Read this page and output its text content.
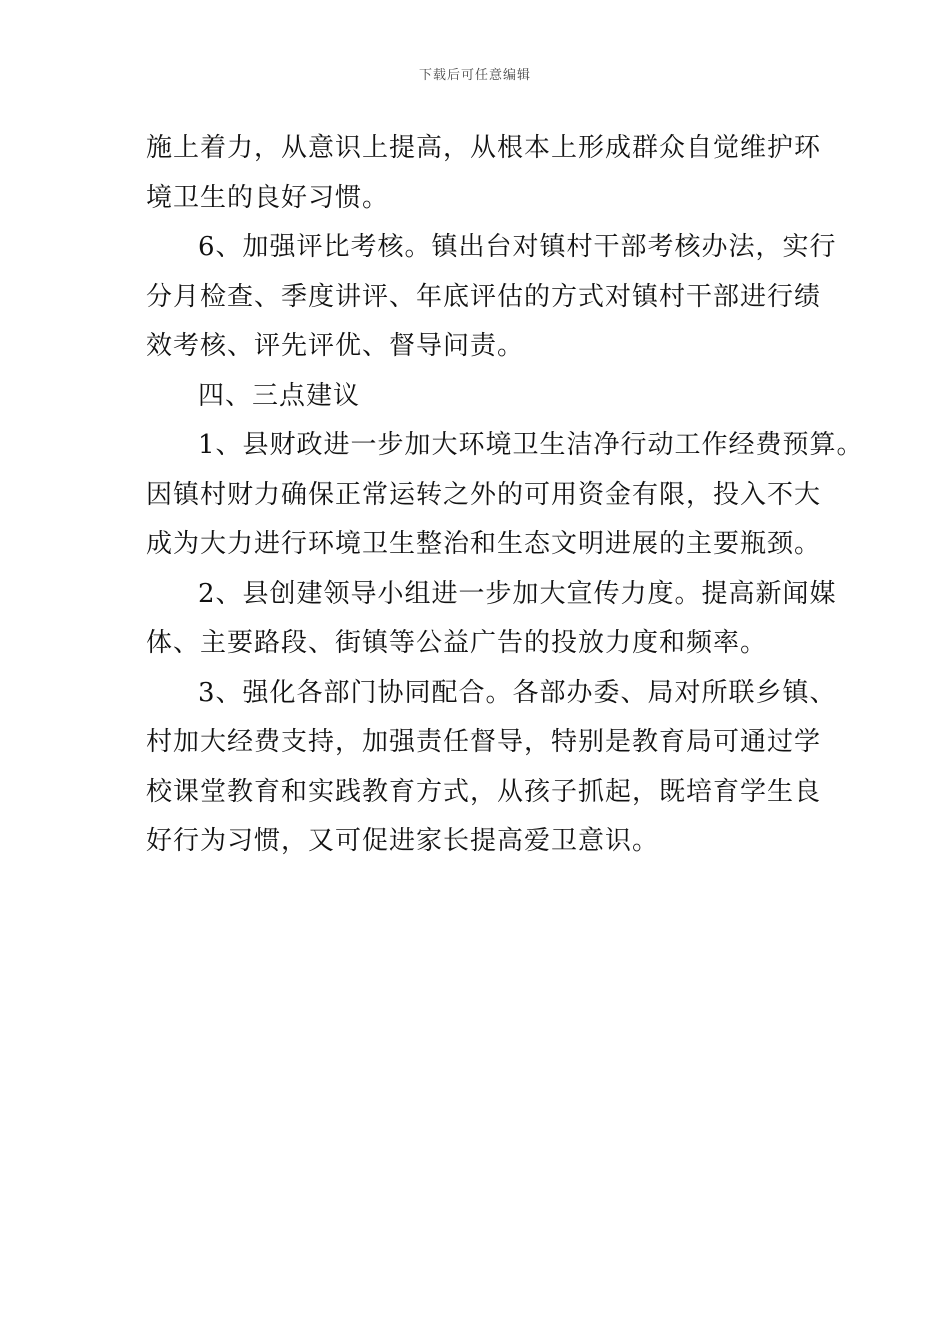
下载后可任意编辑
施上着力，从意识上提高，从根本上形成群众自觉维护环
境卫生的良好习惯。
6、加强评比考核。镇出台对镇村干部考核办法，实行
分月检查、季度讲评、年底评估的方式对镇村干部进行绩
效考核、评先评优、督导问责。
四、三点建议
1、县财政进一步加大环境卫生洁净行动工作经费预算。
因镇村财力确保正常运转之外的可用资金有限，投入不大
成为大力进行环境卫生整治和生态文明进展的主要瓶颈。
2、县创建领导小组进一步加大宣传力度。提高新闻媒
体、主要路段、街镇等公益广告的投放力度和频率。
3、强化各部门协同配合。各部办委、局对所联乡镇、
村加大经费支持，加强责任督导，特别是教育局可通过学
校课堂教育和实践教育方式，从孩子抓起，既培育学生良
好行为习惯，又可促进家长提高爱卫意识。
